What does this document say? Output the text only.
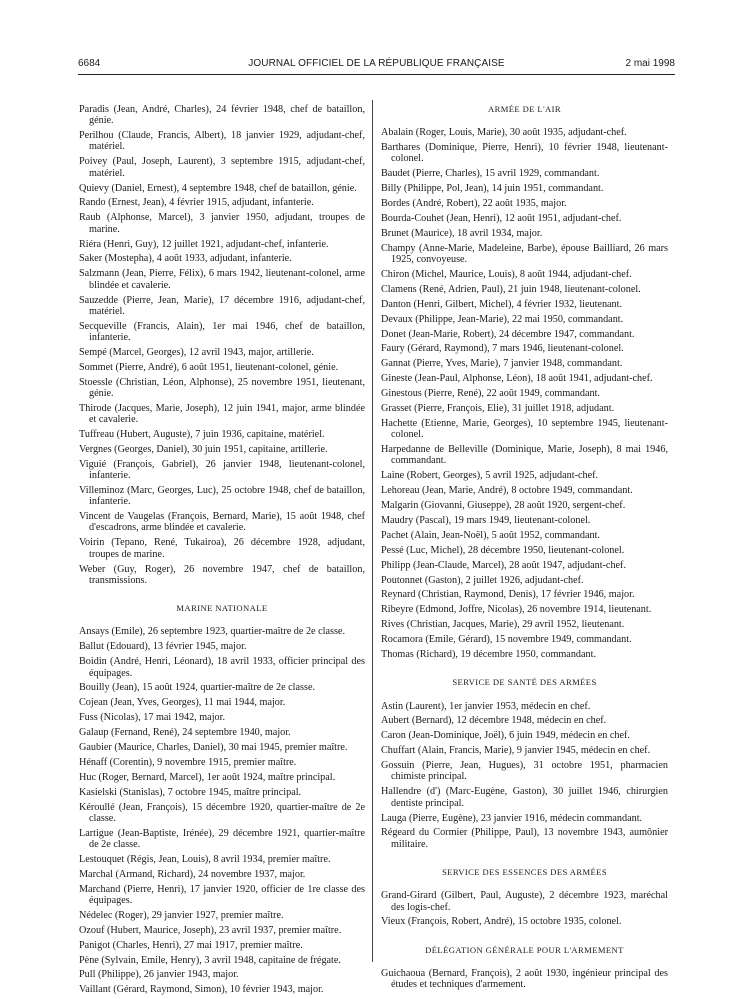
6684	JOURNAL OFFICIEL DE LA RÉPUBLIQUE FRANÇAISE	2 mai 1998

Paradis (Jean, André, Charles), 24 février 1948, chef de bataillon, génie.

Perilhou (Claude, Francis, Albert), 18 janvier 1929, adjudant-chef, matériel.

Poivey (Paul, Joseph, Laurent), 3 septembre 1915, adjudant-chef, matériel.

Quievy (Daniel, Ernest), 4 septembre 1948, chef de bataillon, génie.

Rando (Ernest, Jean), 4 février 1915, adjudant, infanterie.

Raub (Alphonse, Marcel), 3 janvier 1950, adjudant, troupes de marine.

Riéra (Henri, Guy), 12 juillet 1921, adjudant-chef, infanterie.

Saker (Mostepha), 4 août 1933, adjudant, infanterie.

Salzmann (Jean, Pierre, Félix), 6 mars 1942, lieutenant-colonel, arme blindée et cavalerie.

Sauzedde (Pierre, Jean, Marie), 17 décembre 1916, adjudant-chef, matériel.

Secqueville (Francis, Alain), 1er mai 1946, chef de bataillon, infanterie.

Sempé (Marcel, Georges), 12 avril 1943, major, artillerie.

Sommet (Pierre, André), 6 août 1951, lieutenant-colonel, génie.

Stoessle (Christian, Léon, Alphonse), 25 novembre 1951, lieutenant, génie.

Thirode (Jacques, Marie, Joseph), 12 juin 1941, major, arme blindée et cavalerie.

Tuffreau (Hubert, Auguste), 7 juin 1936, capitaine, matériel.

Vergnes (Georges, Daniel), 30 juin 1951, capitaine, artillerie.

Viguié (François, Gabriel), 26 janvier 1948, lieutenant-colonel, infanterie.

Villeminoz (Marc, Georges, Luc), 25 octobre 1948, chef de bataillon, infanterie.

Vincent de Vaugelas (François, Bernard, Marie), 15 août 1948, chef d'escadrons, arme blindée et cavalerie.

Voirin (Tepano, René, Tukairoa), 26 décembre 1928, adjudant, troupes de marine.

Weber (Guy, Roger), 26 novembre 1947, chef de bataillon, transmissions.

MARINE NATIONALE

Ansays (Emile), 26 septembre 1923, quartier-maître de 2e classe.

Ballut (Edouard), 13 février 1945, major.

Boidin (André, Henri, Léonard), 18 avril 1933, officier principal des équipages.

Bouilly (Jean), 15 août 1924, quartier-maître de 2e classe.

Cojean (Jean, Yves, Georges), 11 mai 1944, major.

Fuss (Nicolas), 17 mai 1942, major.

Galaup (Fernand, René), 24 septembre 1940, major.

Gaubier (Maurice, Charles, Daniel), 30 mai 1945, premier maître.

Hénaff (Corentin), 9 novembre 1915, premier maître.

Huc (Roger, Bernard, Marcel), 1er août 1924, maître principal.

Kasielski (Stanislas), 7 octobre 1945, maître principal.

Kéroullé (Jean, François), 15 décembre 1920, quartier-maître de 2e classe.

Lartigue (Jean-Baptiste, Irénée), 29 décembre 1921, quartier-maître de 2e classe.

Lestouquet (Régis, Jean, Louis), 8 avril 1934, premier maître.

Marchal (Armand, Richard), 24 novembre 1937, major.

Marchand (Pierre, Henri), 17 janvier 1920, officier de 1re classe des équipages.

Nédelec (Roger), 29 janvier 1927, premier maître.

Ozouf (Hubert, Maurice, Joseph), 23 avril 1937, premier maître.

Panigot (Charles, Henri), 27 mai 1917, premier maître.

Pène (Sylvain, Emile, Henry), 3 avril 1948, capitaine de frégate.

Pull (Philippe), 26 janvier 1943, major.

Vaillant (Gérard, Raymond, Simon), 10 février 1943, major.

ARMÉE DE L'AIR

Abalain (Roger, Louis, Marie), 30 août 1935, adjudant-chef.

Barthares (Dominique, Pierre, Henri), 10 février 1948, lieutenant-colonel.

Baudet (Pierre, Charles), 15 avril 1929, commandant.

Billy (Philippe, Pol, Jean), 14 juin 1951, commandant.

Bordes (André, Robert), 22 août 1935, major.

Bourda-Couhet (Jean, Henri), 12 août 1951, adjudant-chef.

Brunet (Maurice), 18 avril 1934, major.

Champy (Anne-Marie, Madeleine, Barbe), épouse Bailliard, 26 mars 1925, convoyeuse.

Chiron (Michel, Maurice, Louis), 8 août 1944, adjudant-chef.

Clamens (René, Adrien, Paul), 21 juin 1948, lieutenant-colonel.

Danton (Henri, Gilbert, Michel), 4 février 1932, lieutenant.

Devaux (Philippe, Jean-Marie), 22 mai 1950, commandant.

Donet (Jean-Marie, Robert), 24 décembre 1947, commandant.

Faury (Gérard, Raymond), 7 mars 1946, lieutenant-colonel.

Gannat (Pierre, Yves, Marie), 7 janvier 1948, commandant.

Gineste (Jean-Paul, Alphonse, Léon), 18 août 1941, adjudant-chef.

Ginestous (Pierre, René), 22 août 1949, commandant.

Grasset (Pierre, François, Elie), 31 juillet 1918, adjudant.

Hachette (Etienne, Marie, Georges), 10 septembre 1945, lieutenant-colonel.

Harpedanne de Belleville (Dominique, Marie, Joseph), 8 mai 1946, commandant.

Laine (Robert, Georges), 5 avril 1925, adjudant-chef.

Lehoreau (Jean, Marie, André), 8 octobre 1949, commandant.

Malgarin (Giovanni, Giuseppe), 28 août 1920, sergent-chef.

Maudry (Pascal), 19 mars 1949, lieutenant-colonel.

Pachet (Alain, Jean-Noël), 5 août 1952, commandant.

Pessé (Luc, Michel), 28 décembre 1950, lieutenant-colonel.

Philipp (Jean-Claude, Marcel), 28 août 1947, adjudant-chef.

Poutonnet (Gaston), 2 juillet 1926, adjudant-chef.

Reynard (Christian, Raymond, Denis), 17 février 1946, major.

Ribeyre (Edmond, Joffre, Nicolas), 26 novembre 1914, lieutenant.

Rives (Christian, Jacques, Marie), 29 avril 1952, lieutenant.

Rocamora (Emile, Gérard), 15 novembre 1949, commandant.

Thomas (Richard), 19 décembre 1950, commandant.

SERVICE DE SANTÉ DES ARMÉES

Astin (Laurent), 1er janvier 1953, médecin en chef.

Aubert (Bernard), 12 décembre 1948, médecin en chef.

Caron (Jean-Dominique, Joël), 6 juin 1949, médecin en chef.

Chuffart (Alain, Francis, Marie), 9 janvier 1945, médecin en chef.

Gossuin (Pierre, Jean, Hugues), 31 octobre 1951, pharmacien chimiste principal.

Hallendre (d') (Marc-Eugène, Gaston), 30 juillet 1946, chirurgien dentiste principal.

Lauga (Pierre, Eugène), 23 janvier 1916, médecin commandant.

Régeard du Cormier (Philippe, Paul), 13 novembre 1943, aumônier militaire.

SERVICE DES ESSENCES DES ARMÉES

Grand-Girard (Gilbert, Paul, Auguste), 2 décembre 1923, maréchal des logis-chef.

Vieux (François, Robert, André), 15 octobre 1935, colonel.

DÉLÉGATION GÉNÉRALE POUR L'ARMEMENT

Guichaoua (Bernard, François), 2 août 1930, ingénieur principal des études et techniques d'armement.
